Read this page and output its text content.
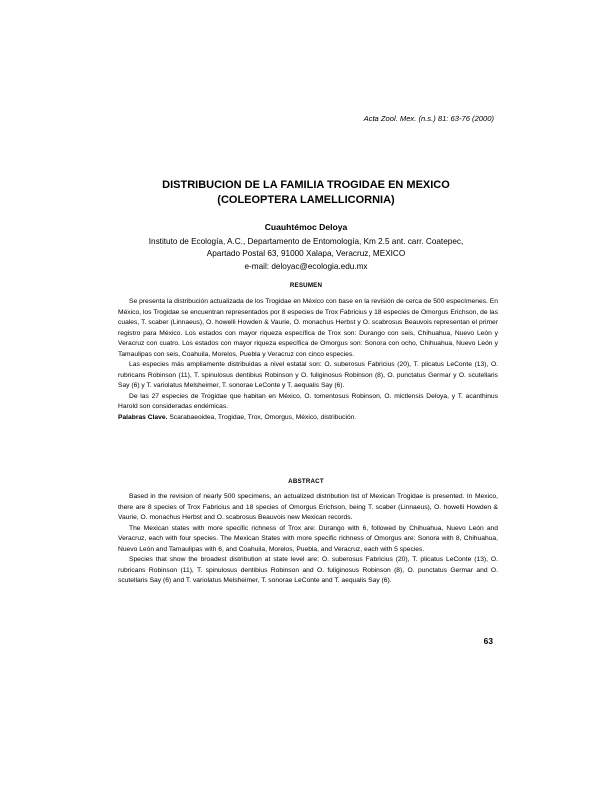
Acta Zool. Mex. (n.s.) 81: 63-76 (2000)
DISTRIBUCION DE LA FAMILIA TROGIDAE EN MEXICO
(COLEOPTERA LAMELLICORNIA)
Cuauhtémoc Deloya
Instituto de Ecología, A.C., Departamento de Entomología, Km 2.5 ant. carr. Coatepec,
Apartado Postal 63, 91000 Xalapa, Veracruz, MEXICO
e-mail: deloyac@ecologia.edu.mx
RESUMEN

Se presenta la distribución actualizada de los Trogidae en México con base en la revisión de cerca de 500 especímenes. En México, los Trogidae se encuentran representados por 8 especies de Trox Fabricius y 18 especies de Omorgus Erichson, de las cuales, T. scaber (Linnaeus), O. howelli Howden & Vaurie, O. monachus Herbst y O. scabrosus Beauvois representan el primer registro para México. Los estados con mayor riqueza específica de Trox son: Durango con seis, Chihuahua, Nuevo León y Veracruz con cuatro. Los estados con mayor riqueza específica de Omorgus son: Sonora con ocho, Chihuahua, Nuevo León y Tamaulipas con seis, Coahuila, Morelos, Puebla y Veracruz con cinco especies.

Las especies más ampliamente distribuidas a nivel estatal son: O. suberosus Fabricius (20), T. plicatus LeConte (13), O. rubricans Robinson (11), T. spinulosus dentibius Robinson y O. fuliginosus Robinson (8), O. punctatus Germar y O. scutellaris Say (6) y T. variolatus Melsheimer, T. sonorae LeConte y T. aequalis Say (6).

De las 27 especies de Trogidae que habitan en México, O. tomentosus Robinson, O. mictlensis Deloya, y T. acanthinus Harold son consideradas endémicas.

Palabras Clave. Scarabaeoidea, Trogidae, Trox, Omorgus, México, distribución.

ABSTRACT

Based in the revision of nearly 500 specimens, an actualized distribution list of Mexican Trogidae is presented. In Mexico, there are 8 species of Trox Fabricius and 18 species of Omorgus Erichson, being T. scaber (Linnaeus), O. howelli Howden & Vaurie, O. monachus Herbst and O. scabrosus Beauvois new Mexican records.

The Mexican states with more specific richness of Trox are: Durango with 6, followed by Chihuahua, Nuevo León and Veracruz, each with four species. The Mexican States with more specific richness of Omorgus are: Sonora with 8, Chihuahua, Nuevo León and Tamaulipas with 6, and Coahuila, Morelos, Puebla, and Veracruz, each with 5 species.

Species that show the broadest distribution at state level are: O. suberosus Fabricius (20), T. plicatus LeConte (13), O. rubricans Robinson (11), T. spinulosus dentibius Robinson and O. fuliginosus Robinson (8), O. punctatus Germar and O. scutellaris Say (6) and T. variolatus Melsheimer, T. sonorae LeConte and T. aequalis Say (6).

63
